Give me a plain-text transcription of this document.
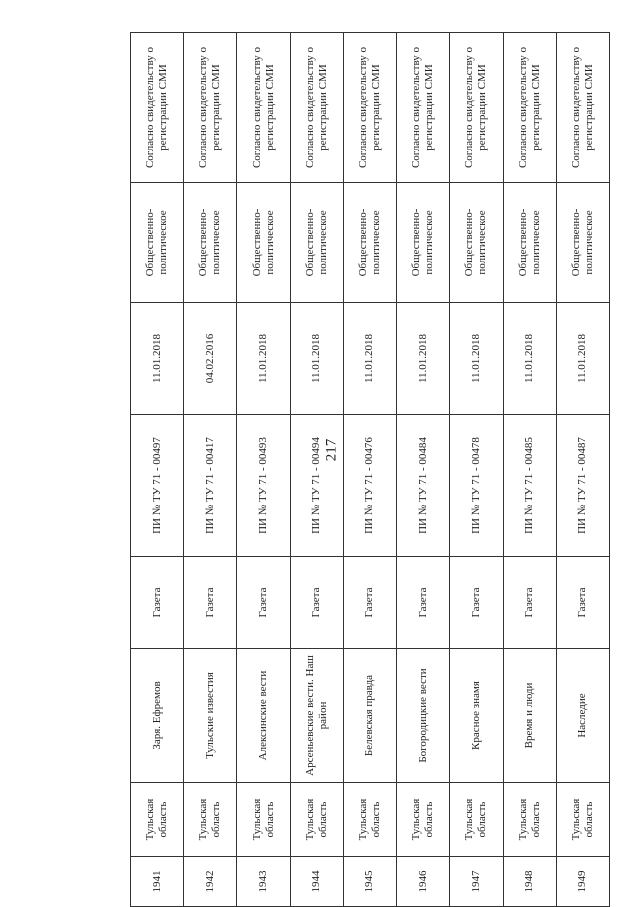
217
1941	Тульская область	Заря. Ефремов	Газета	ПИ № ТУ 71 - 00497	11.01.2018	Общественно-политическое	Согласно свидетельству о регистрации СМИ
1942	Тульская область	Тульские известия	Газета	ПИ № ТУ 71 - 00417	04.02.2016	Общественно-политическое	Согласно свидетельству о регистрации СМИ
1943	Тульская область	Алексинские вести	Газета	ПИ № ТУ 71 - 00493	11.01.2018	Общественно-политическое	Согласно свидетельству о регистрации СМИ
1944	Тульская область	Арсеньевские вести. Наш район	Газета	ПИ № ТУ 71 - 00494	11.01.2018	Общественно-политическое	Согласно свидетельству о регистрации СМИ
1945	Тульская область	Белевская правда	Газета	ПИ № ТУ 71 - 00476	11.01.2018	Общественно-политическое	Согласно свидетельству о регистрации СМИ
1946	Тульская область	Богородицкие вести	Газета	ПИ № ТУ 71 - 00484	11.01.2018	Общественно-политическое	Согласно свидетельству о регистрации СМИ
1947	Тульская область	Красное знамя	Газета	ПИ № ТУ 71 - 00478	11.01.2018	Общественно-политическое	Согласно свидетельству о регистрации СМИ
1948	Тульская область	Время и люди	Газета	ПИ № ТУ 71 - 00485	11.01.2018	Общественно-политическое	Согласно свидетельству о регистрации СМИ
1949	Тульская область	Наследие	Газета	ПИ № ТУ 71 - 00487	11.01.2018	Общественно-политическое	Согласно свидетельству о регистрации СМИ
